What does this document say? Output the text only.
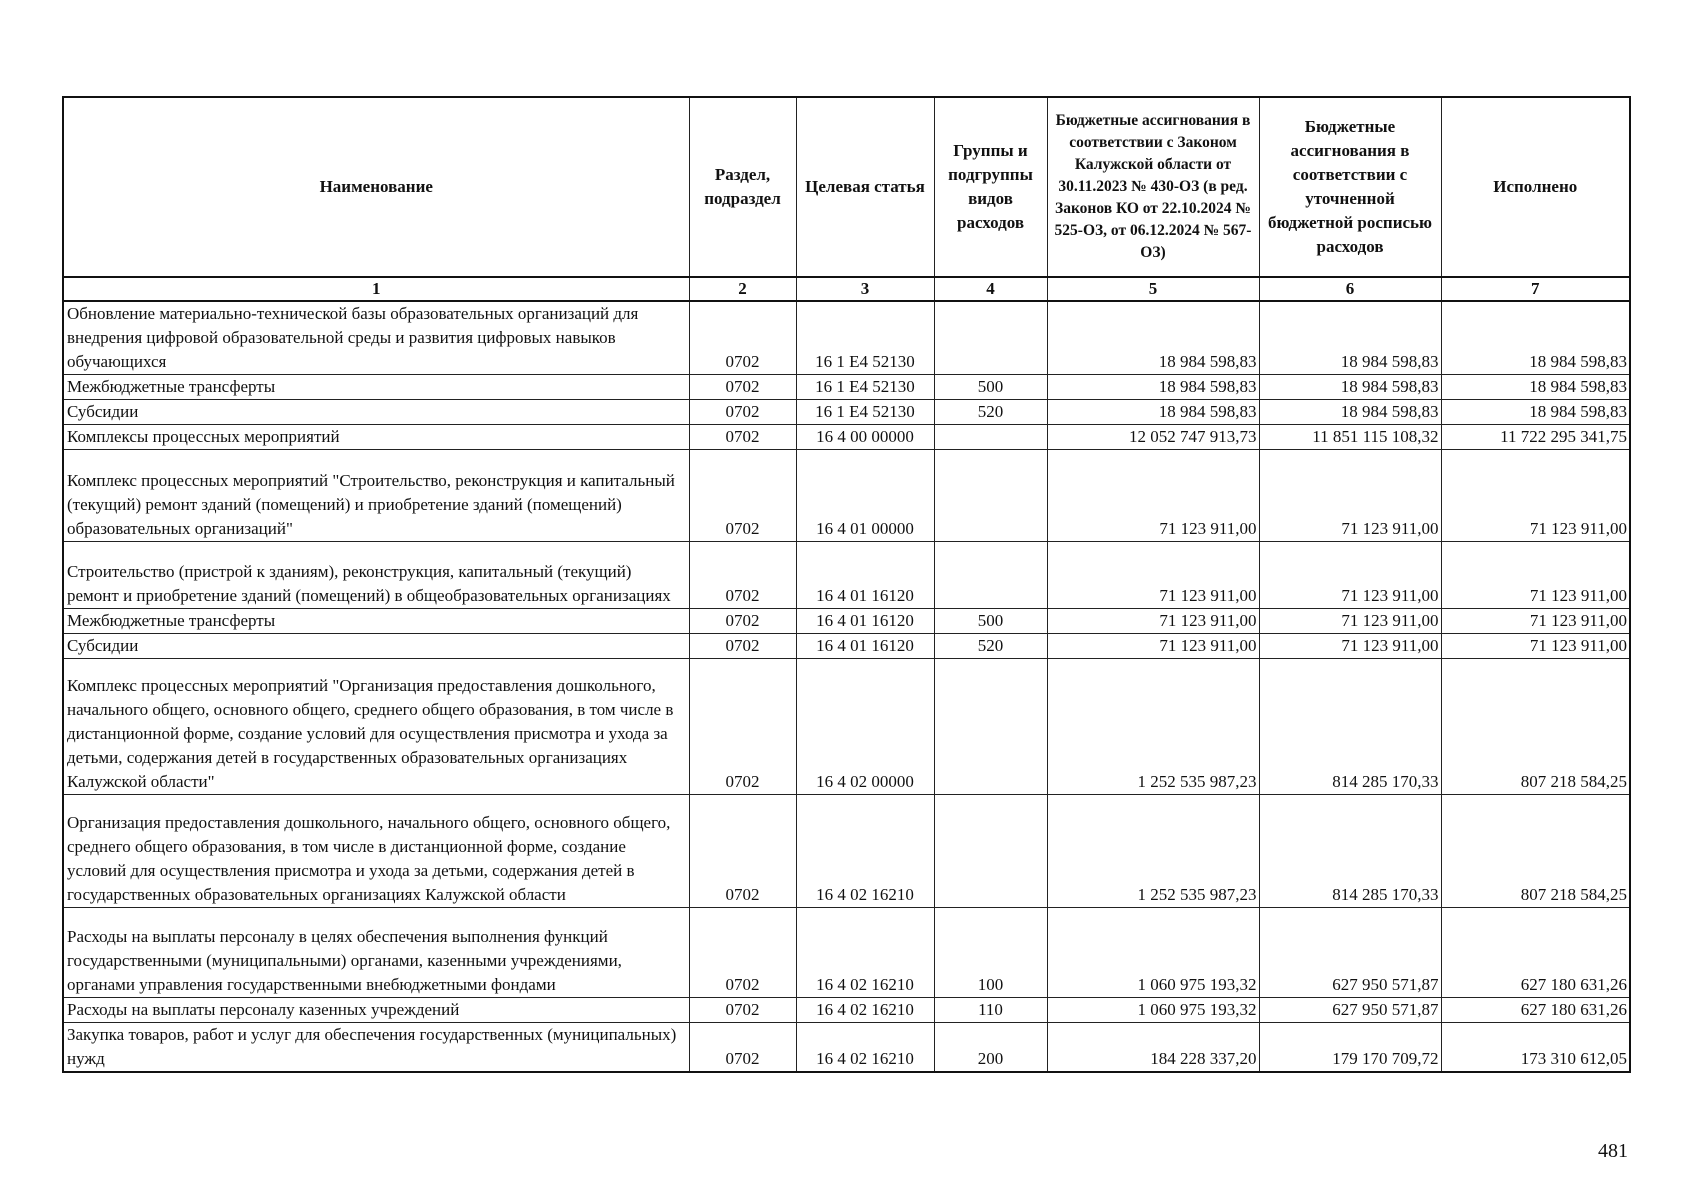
Наименование	Раздел, подраздел	Целевая статья	Группы и подгруппы видов расходов	Бюджетные ассигнования в соответствии с Законом Калужской области от 30.11.2023 № 430-ОЗ (в ред. Законов КО от 22.10.2024 № 525-ОЗ, от 06.12.2024 № 567-ОЗ)	Бюджетные ассигнования в соответствии с уточненной бюджетной росписью расходов	Исполнено
1	2	3	4	5	6	7
Обновление материально-технической базы образовательных организаций для внедрения цифровой образовательной среды и развития цифровых навыков обучающихся	0702	16 1 E4 52130		18 984 598,83	18 984 598,83	18 984 598,83
Межбюджетные трансферты	0702	16 1 E4 52130	500	18 984 598,83	18 984 598,83	18 984 598,83
Субсидии	0702	16 1 E4 52130	520	18 984 598,83	18 984 598,83	18 984 598,83
Комплексы процессных мероприятий	0702	16 4 00 00000		12 052 747 913,73	11 851 115 108,32	11 722 295 341,75
Комплекс процессных мероприятий "Строительство, реконструкция и капитальный (текущий) ремонт зданий (помещений) и приобретение зданий (помещений) образовательных организаций"	0702	16 4 01 00000		71 123 911,00	71 123 911,00	71 123 911,00
Строительство (пристрой к зданиям), реконструкция, капитальный (текущий) ремонт и приобретение зданий (помещений) в общеобразовательных организациях	0702	16 4 01 16120		71 123 911,00	71 123 911,00	71 123 911,00
Межбюджетные трансферты	0702	16 4 01 16120	500	71 123 911,00	71 123 911,00	71 123 911,00
Субсидии	0702	16 4 01 16120	520	71 123 911,00	71 123 911,00	71 123 911,00
Комплекс процессных мероприятий "Организация предоставления дошкольного, начального общего, основного общего, среднего общего образования, в том числе в дистанционной форме, создание условий для осуществления присмотра и ухода за детьми, содержания детей в государственных образовательных организациях Калужской области"	0702	16 4 02 00000		1 252 535 987,23	814 285 170,33	807 218 584,25
Организация предоставления дошкольного, начального общего, основного общего, среднего общего образования, в том числе в дистанционной форме, создание условий для осуществления присмотра и ухода за детьми, содержания детей в государственных образовательных организациях Калужской области	0702	16 4 02 16210		1 252 535 987,23	814 285 170,33	807 218 584,25
Расходы на выплаты персоналу в целях обеспечения выполнения функций государственными (муниципальными) органами, казенными учреждениями, органами управления государственными внебюджетными фондами	0702	16 4 02 16210	100	1 060 975 193,32	627 950 571,87	627 180 631,26
Расходы на выплаты персоналу казенных учреждений	0702	16 4 02 16210	110	1 060 975 193,32	627 950 571,87	627 180 631,26
Закупка товаров, работ и услуг для обеспечения государственных (муниципальных) нужд	0702	16 4 02 16210	200	184 228 337,20	179 170 709,72	173 310 612,05
481
